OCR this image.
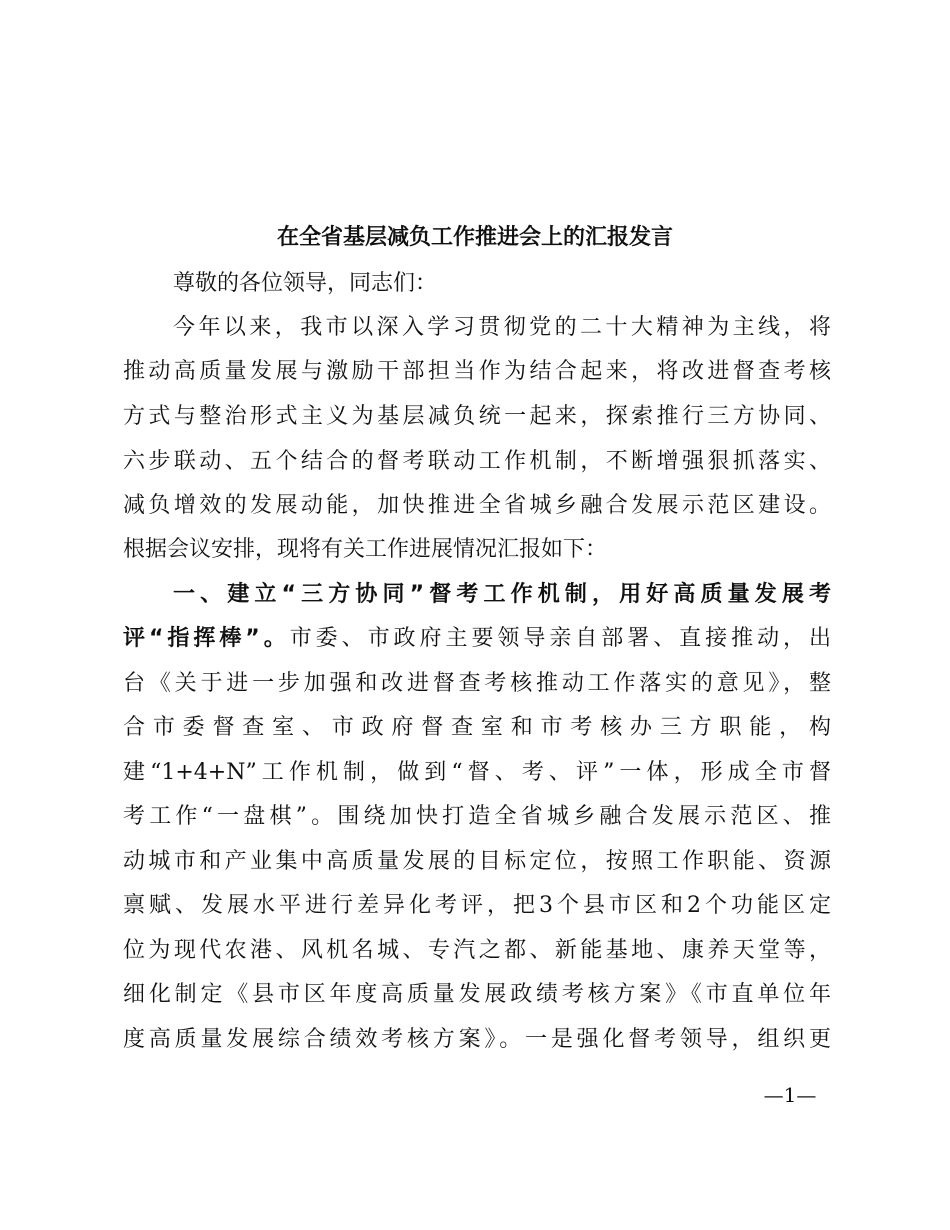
在全省基层减负工作推进会上的汇报发言
尊敬的各位领导，同志们：
今年以来，我市以深入学习贯彻党的二十大精神为主线，将
推动高质量发展与激励干部担当作为结合起来，将改进督查考核
方式与整治形式主义为基层减负统一起来，探索推行三方协同、
六步联动、五个结合的督考联动工作机制，不断增强狠抓落实、
减负增效的发展动能，加快推进全省城乡融合发展示范区建设。
根据会议安排，现将有关工作进展情况汇报如下：
一、建立“三方协同”督考工作机制，用好高质量发展考
评“指挥棒”。市委、市政府主要领导亲自部署、直接推动，出
台《关于进一步加强和改进督查考核推动工作落实的意见》，整
合市委督查室、市政府督查室和市考核办三方职能，构
建“1+4+N”工作机制，做到“督、考、评”一体，形成全市督
考工作“一盘棋”。围绕加快打造全省城乡融合发展示范区、推
动城市和产业集中高质量发展的目标定位，按照工作职能、资源
禀赋、发展水平进行差异化考评，把3个县市区和2个功能区定
位为现代农港、风机名城、专汽之都、新能基地、康养天堂等，
细化制定《县市区年度高质量发展政绩考核方案》《市直单位年
度高质量发展综合绩效考核方案》。一是强化督考领导，组织更
—1—
